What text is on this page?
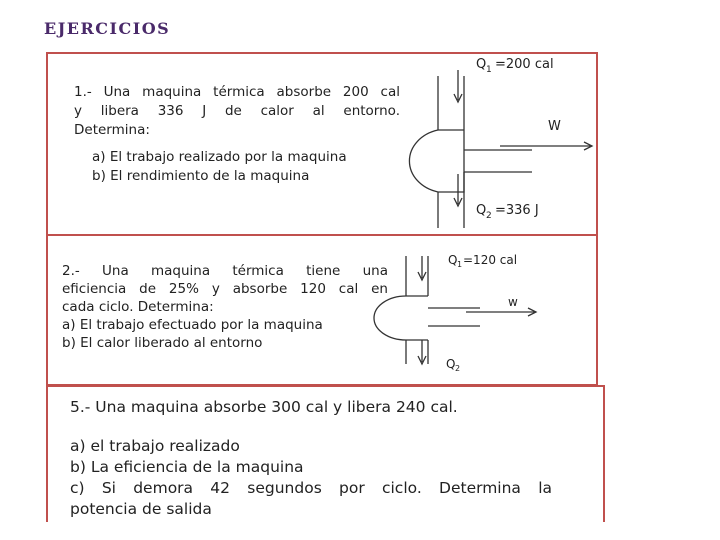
EJERCICIOS
1.- Una maquina térmica absorbe 200 cal
y libera 336 J de calor al entorno.
Determina:
a) El trabajo realizado por la maquina
b) El rendimiento de la maquina
Q 1 =200 cal
W
Q 2 =336 J
2.- Una maquina térmica tiene una
eficiencia de 25% y absorbe 120 cal en
cada ciclo. Determina:
a) El trabajo efectuado por la maquina
b) El calor liberado al entorno
Q 1 =120 cal
w
Q 2
5.- Una maquina absorbe 300 cal y libera 240 cal.
a) el trabajo realizado
b) La eficiencia de la maquina
c) Si demora 42 segundos por ciclo. Determina la
potencia de salida
